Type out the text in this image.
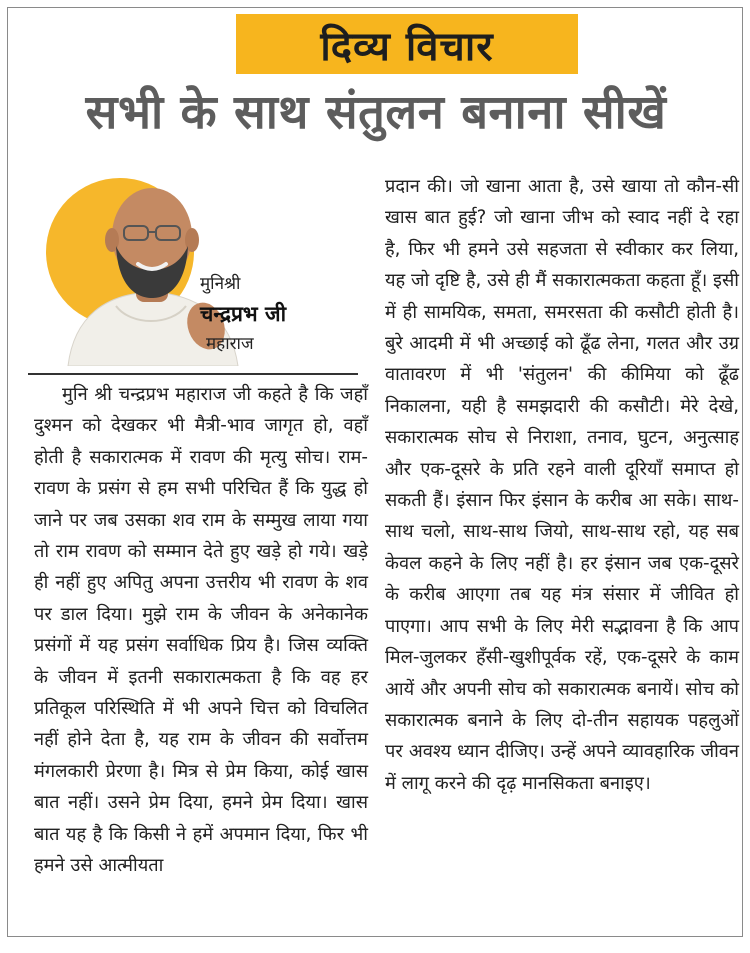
दिव्य विचार
सभी के साथ संतुलन बनाना सीखें
मुनिश्री
चन्द्रप्रभ जी
महाराज

मुनि श्री चन्द्रप्रभ महाराज जी कहते है कि जहाँ दुश्मन को देखकर भी मैत्री-भाव जागृत हो, वहाँ होती है सकारात्मक में रावण की मृत्यु सोच। राम-रावण के प्रसंग से हम सभी परिचित हैं कि युद्ध हो जाने पर जब उसका शव राम के सम्मुख लाया गया तो राम रावण को सम्मान देते हुए खड़े हो गये। खड़े ही नहीं हुए अपितु अपना उत्तरीय भी रावण के शव पर डाल दिया। मुझे राम के जीवन के अनेकानेक प्रसंगों में यह प्रसंग सर्वाधिक प्रिय है। जिस व्यक्ति के जीवन में इतनी सकारात्मकता है कि वह हर प्रतिकूल परिस्थिति में भी अपने चित्त को विचलित नहीं होने देता है, यह राम के जीवन की सर्वोत्तम मंगलकारी प्रेरणा है। मित्र से प्रेम किया, कोई खास बात नहीं। उसने प्रेम दिया, हमने प्रेम दिया। खास बात यह है कि किसी ने हमें अपमान दिया, फिर भी हमने उसे आत्मीयता

प्रदान की। जो खाना आता है, उसे खाया तो कौन-सी खास बात हुई? जो खाना जीभ को स्वाद नहीं दे रहा है, फिर भी हमने उसे सहजता से स्वीकार कर लिया, यह जो दृष्टि है, उसे ही मैं सकारात्मकता कहता हूँ। इसी में ही सामयिक, समता, समरसता की कसौटी होती है। बुरे आदमी में भी अच्छाई को ढूँढ लेना, गलत और उग्र वातावरण में भी 'संतुलन' की कीमिया को ढूँढ निकालना, यही है समझदारी की कसौटी। मेरे देखे, सकारात्मक सोच से निराशा, तनाव, घुटन, अनुत्साह और एक-दूसरे के प्रति रहने वाली दूरियाँ समाप्त हो सकती हैं। इंसान फिर इंसान के करीब आ सके। साथ-साथ चलो, साथ-साथ जियो, साथ-साथ रहो, यह सब केवल कहने के लिए नहीं है। हर इंसान जब एक-दूसरे के करीब आएगा तब यह मंत्र संसार में जीवित हो पाएगा। आप सभी के लिए मेरी सद्भावना है कि आप मिल-जुलकर हँसी-खुशीपूर्वक रहें, एक-दूसरे के काम आयें और अपनी सोच को सकारात्मक बनायें। सोच को सकारात्मक बनाने के लिए दो-तीन सहायक पहलुओं पर अवश्य ध्यान दीजिए। उन्हें अपने व्यावहारिक जीवन में लागू करने की दृढ़ मानसिकता बनाइए।
